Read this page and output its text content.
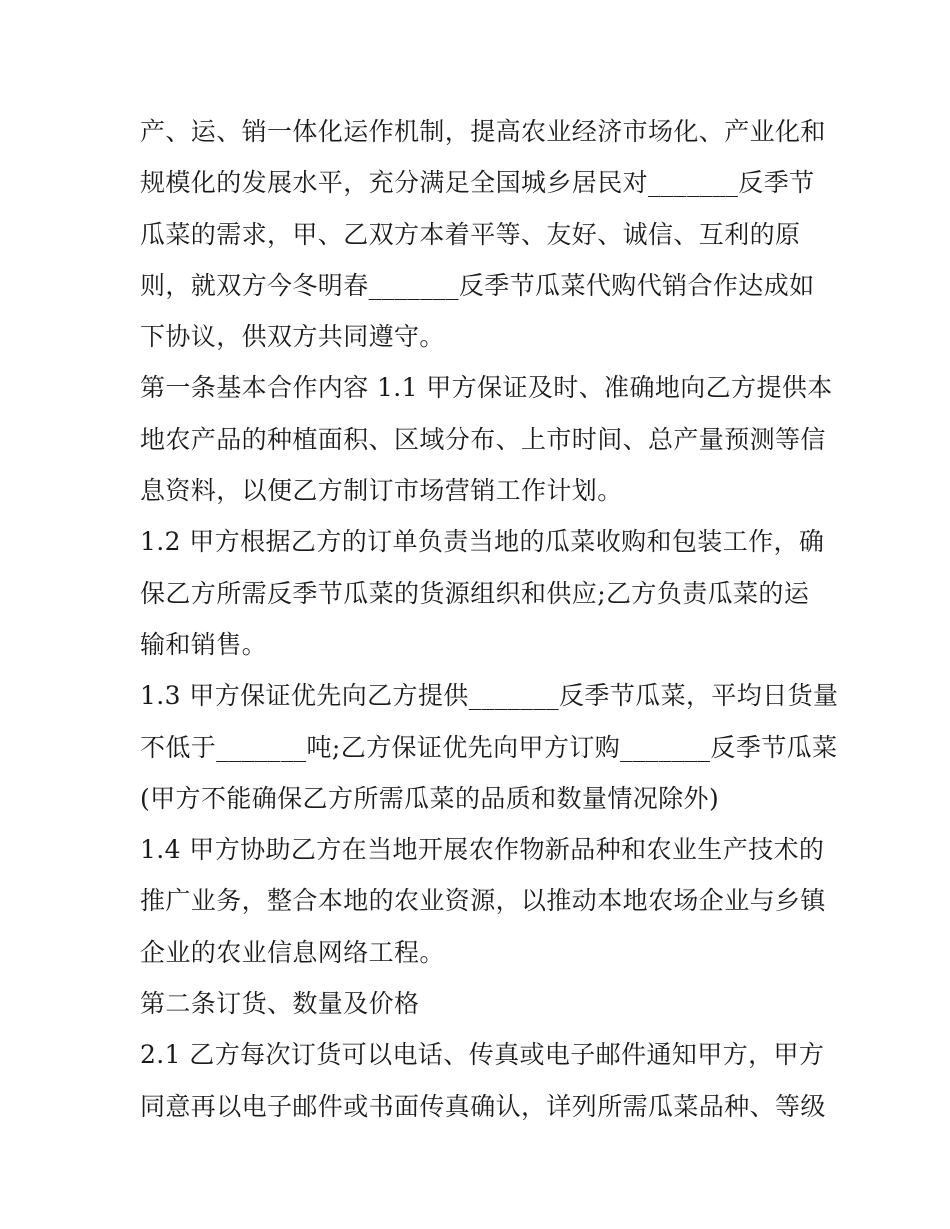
产、运、销一体化运作机制，提高农业经济市场化、产业化和
规模化的发展水平，充分满足全国城乡居民对_______反季节
瓜菜的需求，甲、乙双方本着平等、友好、诚信、互利的原
则，就双方今冬明春_______反季节瓜菜代购代销合作达成如
下协议，供双方共同遵守。
第一条基本合作内容 1.1 甲方保证及时、准确地向乙方提供本
地农产品的种植面积、区域分布、上市时间、总产量预测等信
息资料，以便乙方制订市场营销工作计划。
1.2 甲方根据乙方的订单负责当地的瓜菜收购和包装工作，确
保乙方所需反季节瓜菜的货源组织和供应;乙方负责瓜菜的运
输和销售。
1.3 甲方保证优先向乙方提供_______反季节瓜菜，平均日货量
不低于_______吨;乙方保证优先向甲方订购_______反季节瓜菜
(甲方不能确保乙方所需瓜菜的品质和数量情况除外)
1.4 甲方协助乙方在当地开展农作物新品种和农业生产技术的
推广业务，整合本地的农业资源，以推动本地农场企业与乡镇
企业的农业信息网络工程。
第二条订货、数量及价格
2.1 乙方每次订货可以电话、传真或电子邮件通知甲方，甲方
同意再以电子邮件或书面传真确认，详列所需瓜菜品种、等级
